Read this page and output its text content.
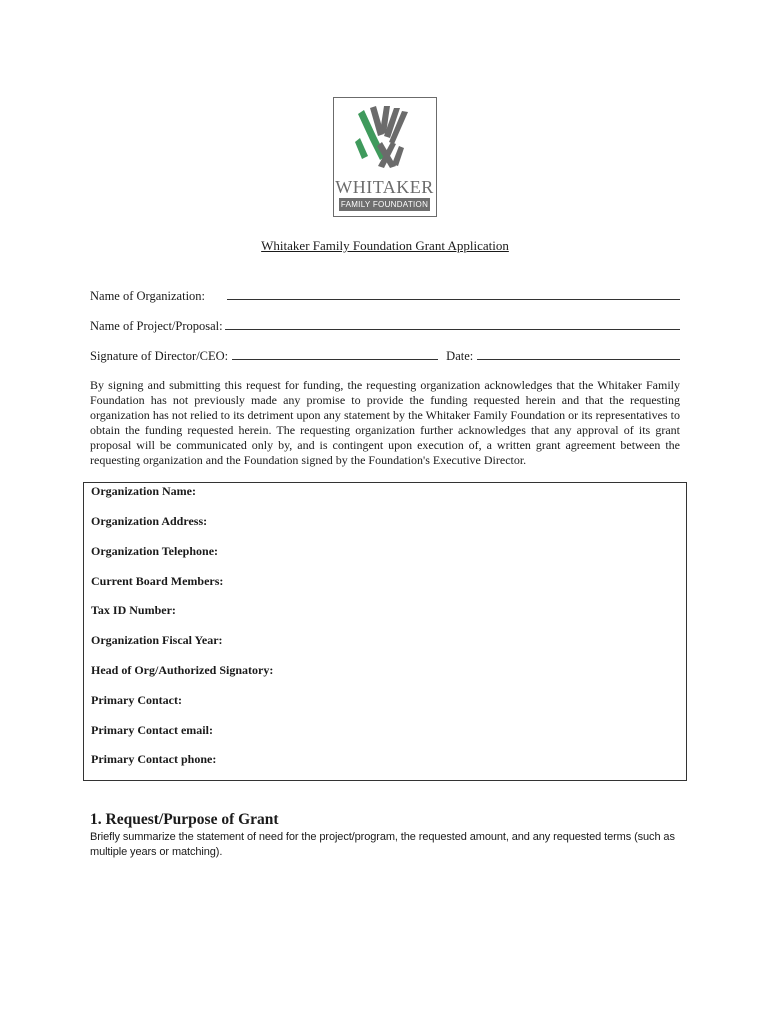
WHITAKER
FAMILY FOUNDATION
Whitaker Family Foundation Grant Application
Name of Organization:
Name of Project/Proposal:
Signature of Director/CEO:	Date:
By signing and submitting this request for funding, the requesting organization acknowledges that the Whitaker Family Foundation has not previously made any promise to provide the funding requested herein and that the requesting organization has not relied to its detriment upon any statement by the Whitaker Family Foundation or its representatives to obtain the funding requested herein. The requesting organization further acknowledges that any approval of its grant proposal will be communicated only by, and is contingent upon execution of, a written grant agreement between the requesting organization and the Foundation signed by the Foundation's Executive Director.
Organization Name:
Organization Address:
Organization Telephone:
Current Board Members:
Tax ID Number:
Organization Fiscal Year:
Head of Org/Authorized Signatory:
Primary Contact:
Primary Contact email:
Primary Contact phone:
1. Request/Purpose of Grant
Briefly summarize the statement of need for the project/program, the requested amount, and any requested terms (such as multiple years or matching).
